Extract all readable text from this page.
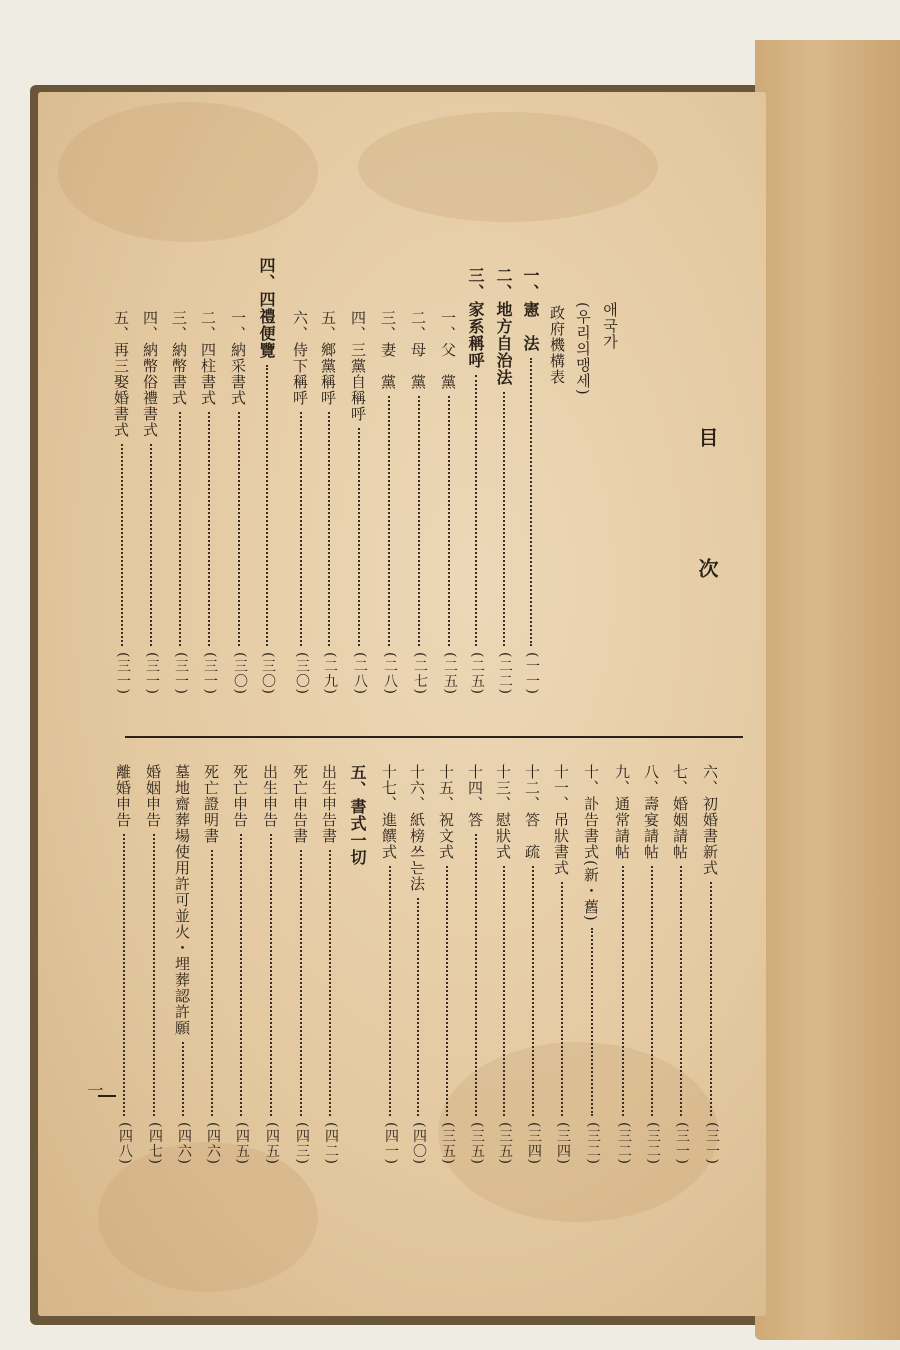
目 次
애국가
(우리의맹세)
政府機構表
一、憲　法
(一一)
二、地方自治法
(二二)
三、家系稱呼
(二五)
一、父　黨
(二五)
二、母　黨
(二七)
三、妻　黨
(二八)
四、三黨自稱呼
(二八)
五、鄉黨稱呼
(二九)
六、侍下稱呼
(三〇)
四、四禮便覽
(三〇)
一、納采書式
(三〇)
二、四柱書式
(三一)
三、納幣書式
(三一)
四、納幣俗禮書式
(三一)
五、再三娶婚書式
(三一)
六、初婚書新式
(三一)
七、婚姻請帖
(三一)
八、壽宴請帖
(三二)
九、通常請帖
(三二)
十、訃告書式(新・舊)
(三二)
十一、吊狀書式
(三四)
十二、答　疏
(三四)
十三、慰狀式
(三五)
十四、答
(三五)
十五、祝文式
(三五)
十六、紙榜쓰는法
(四〇)
十七、進饌式
(四一)
五、書式一切
出生申告書
(四二)
死亡申告書
(四三)
出生申告
(四五)
死亡申告
(四五)
死亡證明書
(四六)
墓地齋葬場使用許可並火・埋葬認許願
(四六)
婚姻申告
(四七)
離婚申告
(四八)
一
